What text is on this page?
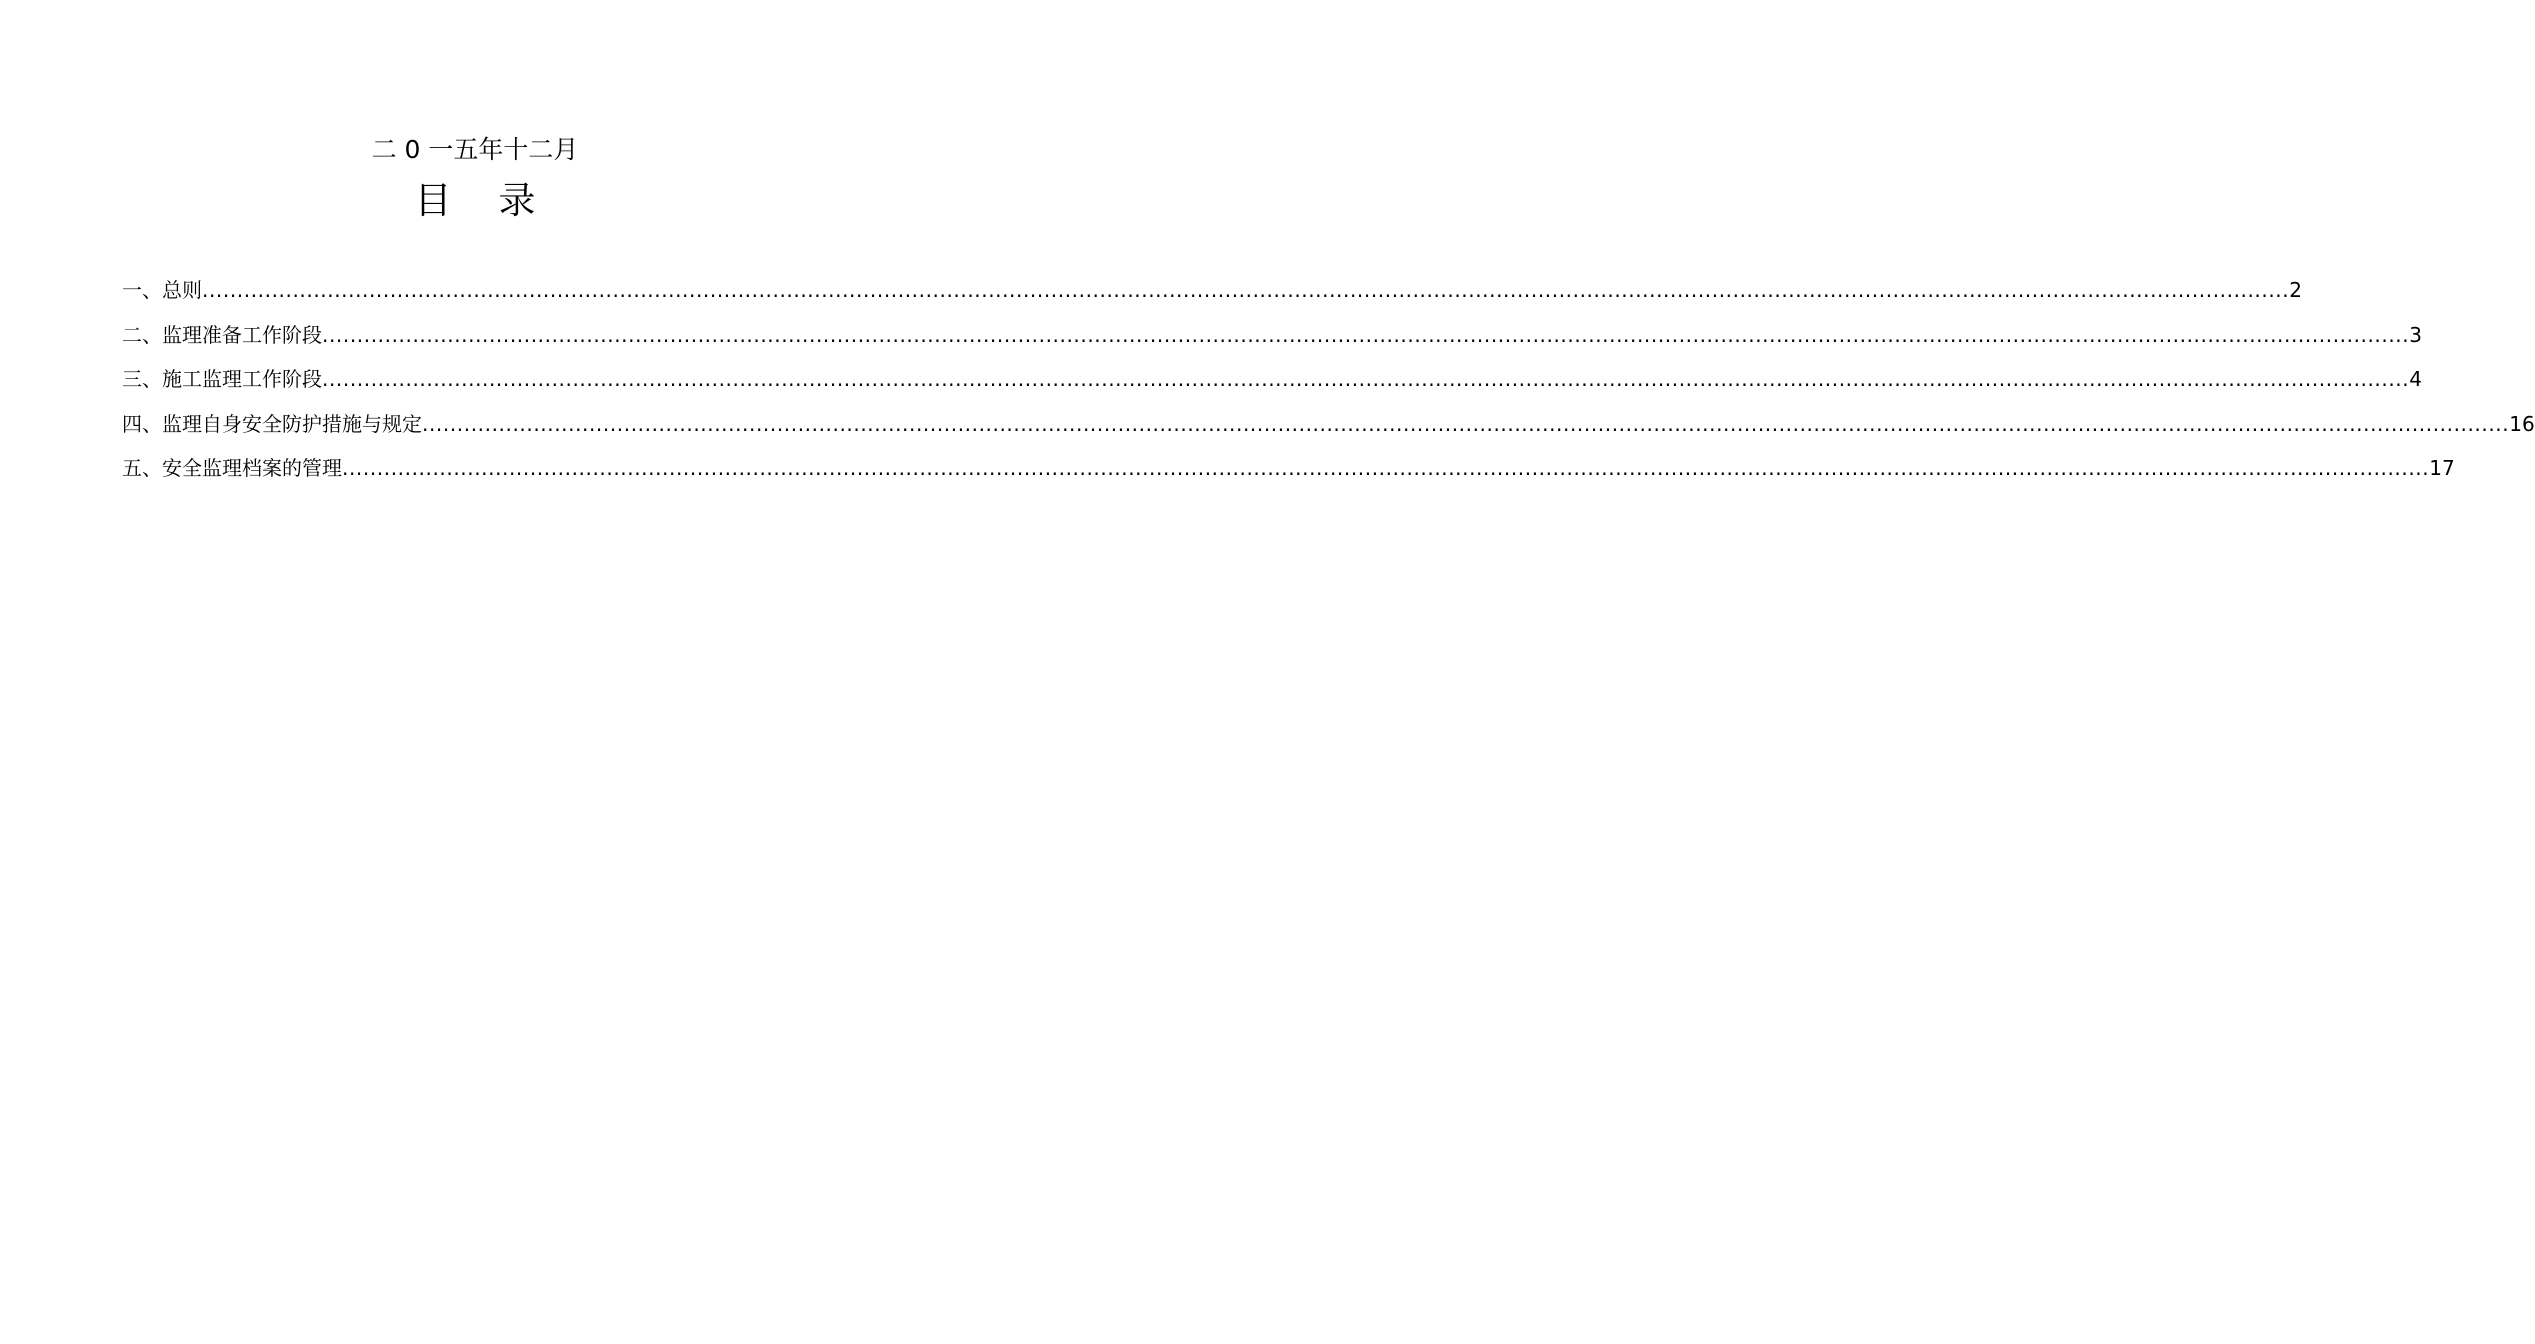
二 0 一五年十二月
目    录
一、总则 ............................................................................................................................................................................................................................................................................................................ 2
二、监理准备工作阶段 ............................................................................................................................................................................................................................................................................................................ 3
三、施工监理工作阶段 ............................................................................................................................................................................................................................................................................................................ 4
四、监理自身安全防护措施与规定 ............................................................................................................................................................................................................................................................................................................ 16
五、安全监理档案的管理 ............................................................................................................................................................................................................................................................................................................ 17
